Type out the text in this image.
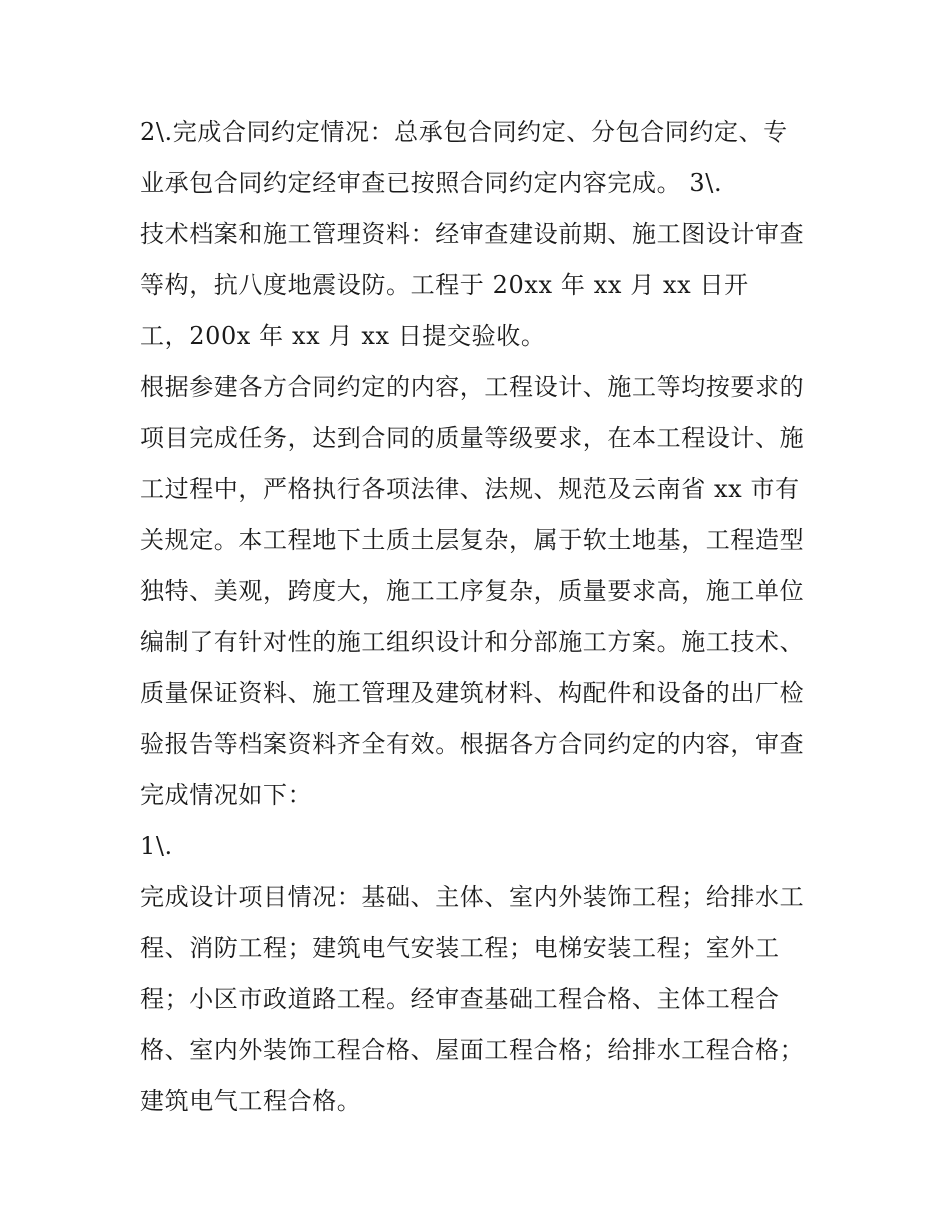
2\.完成合同约定情况：总承包合同约定、分包合同约定、专
业承包合同约定经审查已按照合同约定内容完成。 3\.
技术档案和施工管理资料：经审查建设前期、施工图设计审查
等构，抗八度地震设防。工程于 20xx 年 xx 月 xx 日开
工，200x 年 xx 月 xx 日提交验收。
根据参建各方合同约定的内容，工程设计、施工等均按要求的
项目完成任务，达到合同的质量等级要求，在本工程设计、施
工过程中，严格执行各项法律、法规、规范及云南省 xx 市有
关规定。本工程地下土质土层复杂，属于软土地基，工程造型
独特、美观，跨度大，施工工序复杂，质量要求高，施工单位
编制了有针对性的施工组织设计和分部施工方案。施工技术、
质量保证资料、施工管理及建筑材料、构配件和设备的出厂检
验报告等档案资料齐全有效。根据各方合同约定的内容，审查
完成情况如下：
1\.
完成设计项目情况：基础、主体、室内外装饰工程；给排水工
程、消防工程；建筑电气安装工程；电梯安装工程；室外工
程；小区市政道路工程。经审查基础工程合格、主体工程合
格、室内外装饰工程合格、屋面工程合格；给排水工程合格；
建筑电气工程合格。
